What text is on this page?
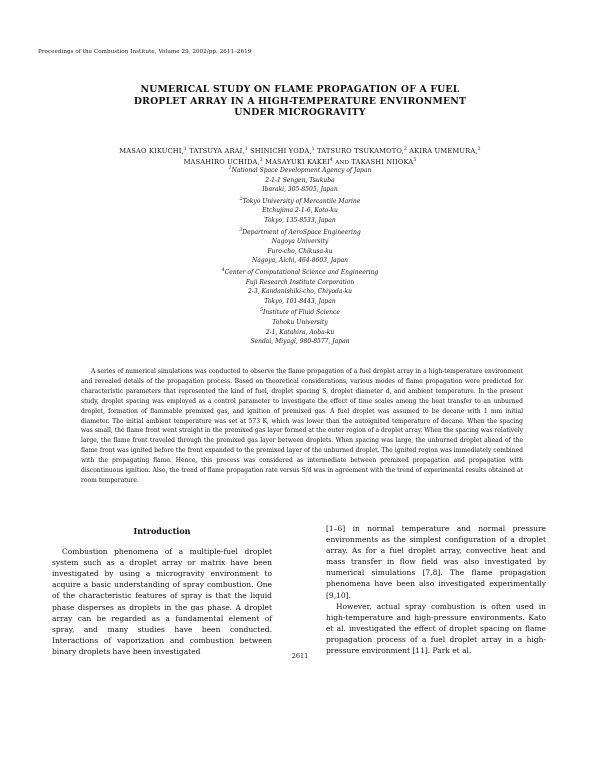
Proceedings of the Combustion Institute, Volume 29, 2002/pp. 2611–2619
NUMERICAL STUDY ON FLAME PROPAGATION OF A FUEL
DROPLET ARRAY IN A HIGH-TEMPERATURE ENVIRONMENT
UNDER MICROGRAVITY
MASAO KIKUCHI,$^1$ TATSUYA ARAI,$^1$ SHINICHI YODA,$^1$ TATSURO TSUKAMOTO,$^2$ AKIRA UMEMURA,$^3$
MASAHIRO UCHIDA,$^3$ MASAYUKI KAKEI$^4$ AND TAKASHI NIIOKA$^5$
$^1$National Space Development Agency of Japan
2-1-1 Sengen, Tsukuba
Ibaraki, 305-8505, Japan
$^2$Tokyo University of Mercantile Marine
Etchujima 2-1-6, Koto-ku
Tokyo, 135-8533, Japan
$^3$Department of AeroSpace Engineering
Nagoya University
Furo-cho, Chikusa-ku
Nagoya, Aichi, 464-8603, Japan
$^4$Center of Computational Science and Engineering
Fuji Research Institute Corporation
2-3, Kandanishiki-cho, Chiyoda-ku
Tokyo, 101-8443, Japan
$^5$Institute of Fluid Science
Tohoku University
2-1, Katahira, Aoba-ku
Sendai, Miyagi, 980-8577, Japan
A series of numerical simulations was conducted to observe the flame propagation of a fuel droplet array in a high-temperature environment and revealed details of the propagation process. Based on theoretical considerations, various modes of flame propagation were predicted for characteristic parameters that represented the kind of fuel, droplet spacing S, droplet diameter d, and ambient temperature. In the present study, droplet spacing was employed as a control parameter to investigate the effect of time scales among the heat transfer to an unburned droplet, formation of flammable premixed gas, and ignition of premixed gas. A fuel droplet was assumed to be decane with 1 mm initial diameter. The initial ambient temperature was set at 573 K, which was lower than the autoignited temperature of decane. When the spacing was small, the flame front went straight in the premixed gas layer formed at the outer region of a droplet array. When the spacing was relatively large, the flame front traveled through the premixed gas layer between droplets. When spacing was large, the unburned droplet ahead of the flame front was ignited before the front expanded to the premixed layer of the unburned droplet. The ignited region was immediately combined with the propagating flame. Hence, this process was considered as intermediate between premixed propagation and propagation with discontinuous ignition. Also, the trend of flame propagation rate versus S/d was in agreement with the trend of experimental results obtained at room temperature.
Introduction

Combustion phenomena of a multiple-fuel droplet system such as a droplet array or matrix have been investigated by using a microgravity environment to acquire a basic understanding of spray combustion. One of the characteristic features of spray is that the liquid phase disperses as droplets in the gas phase. A droplet array can be regarded as a fundamental element of spray, and many studies have been conducted. Interactions of vaporization and combustion between binary droplets have been investigated

[1–6] in normal temperature and normal pressure environments as the simplest configuration of a droplet array. As for a fuel droplet array, convective heat and mass transfer in flow field was also investigated by numerical simulations [7,8]. The flame propagation phenomena have been also investigated experimentally [9,10].

However, actual spray combustion is often used in high-temperature and high-pressure environments. Kato et al. investigated the effect of droplet spacing on flame propagation process of a fuel droplet array in a high-pressure environment [11]. Park et al.

2611
